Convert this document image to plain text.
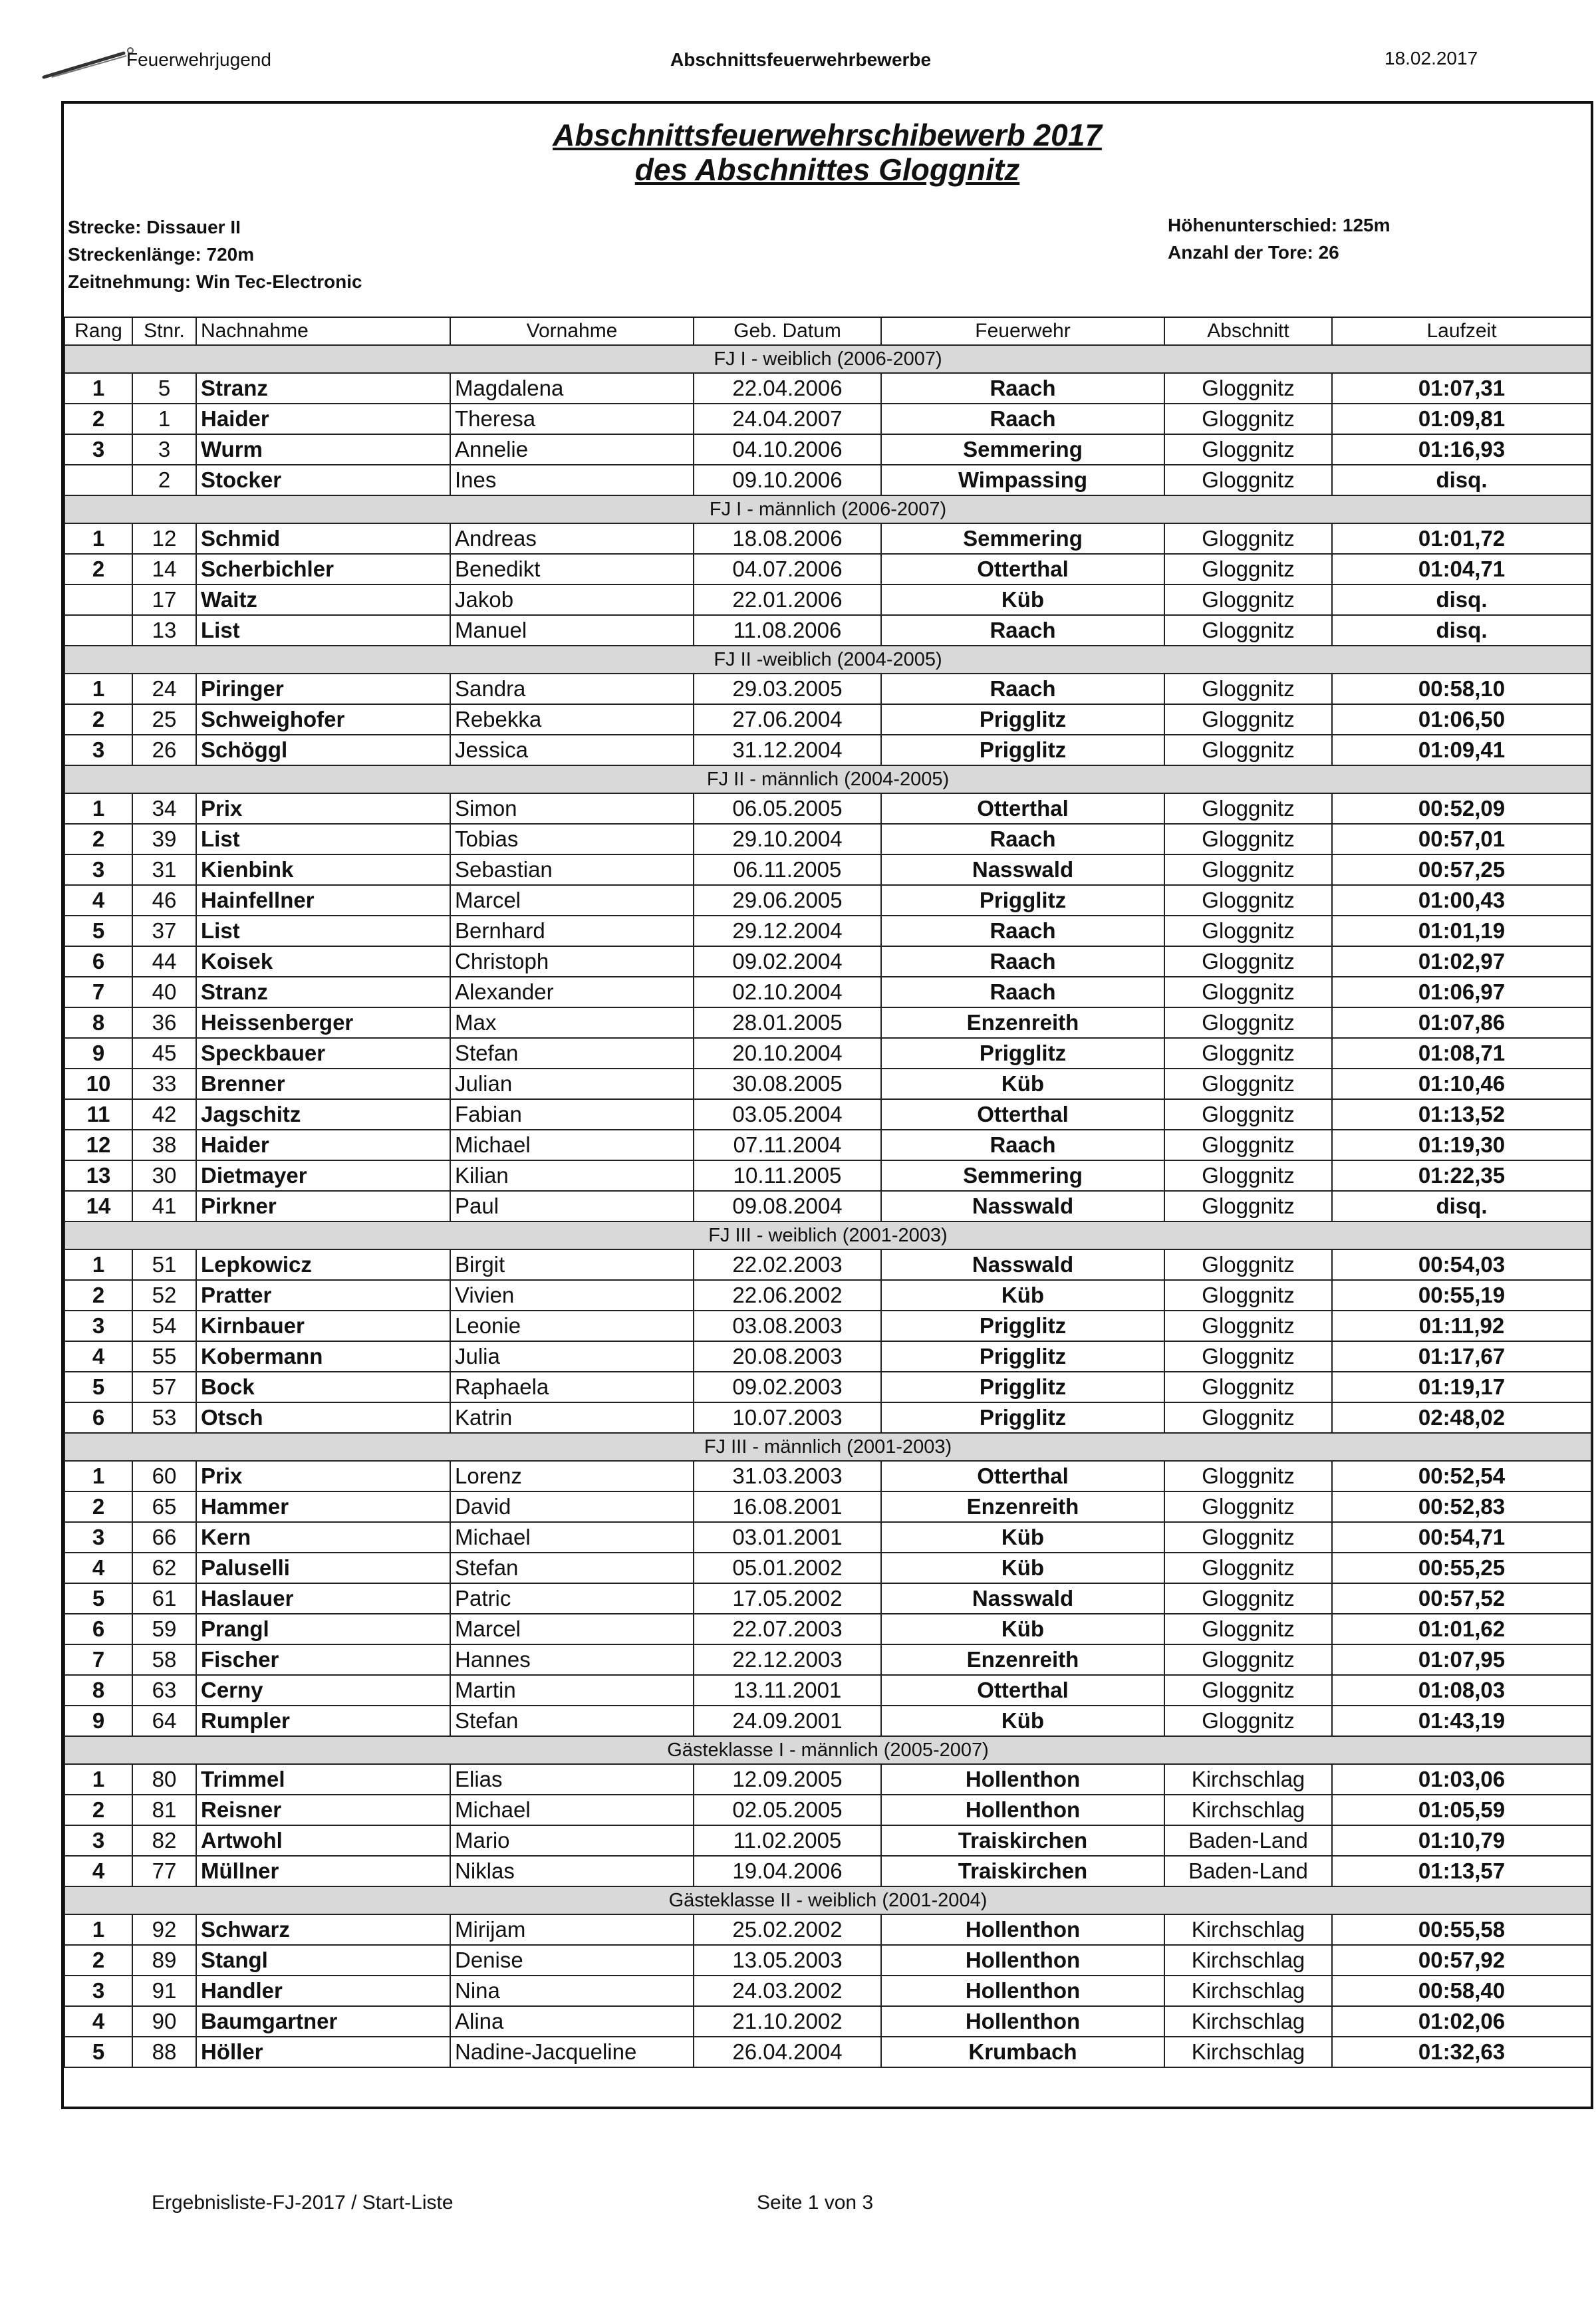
Feuerwehrjugend	Abschnittsfeuerwehrbewerbe	18.02.2017
Abschnittsfeuerwehrschibewerb 2017
des Abschnittes Gloggnitz
Strecke: Dissauer II
Streckenlänge: 720m
Zeitnehmung: Win Tec-Electronic
Höhenunterschied: 125m
Anzahl der Tore: 26
Rang	Stnr.	Nachnahme	Vornahme	Geb. Datum	Feuerwehr	Abschnitt	Laufzeit
FJ I - weiblich (2006-2007)							
1	5	Stranz	Magdalena	22.04.2006	Raach	Gloggnitz	01:07,31
2	1	Haider	Theresa	24.04.2007	Raach	Gloggnitz	01:09,81
3	3	Wurm	Annelie	04.10.2006	Semmering	Gloggnitz	01:16,93
	2	Stocker	Ines	09.10.2006	Wimpassing	Gloggnitz	disq.
FJ I - männlich (2006-2007)							
1	12	Schmid	Andreas	18.08.2006	Semmering	Gloggnitz	01:01,72
2	14	Scherbichler	Benedikt	04.07.2006	Otterthal	Gloggnitz	01:04,71
	17	Waitz	Jakob	22.01.2006	Küb	Gloggnitz	disq.
	13	List	Manuel	11.08.2006	Raach	Gloggnitz	disq.
FJ II -weiblich (2004-2005)							
1	24	Piringer	Sandra	29.03.2005	Raach	Gloggnitz	00:58,10
2	25	Schweighofer	Rebekka	27.06.2004	Prigglitz	Gloggnitz	01:06,50
3	26	Schöggl	Jessica	31.12.2004	Prigglitz	Gloggnitz	01:09,41
FJ II - männlich (2004-2005)							
1	34	Prix	Simon	06.05.2005	Otterthal	Gloggnitz	00:52,09
2	39	List	Tobias	29.10.2004	Raach	Gloggnitz	00:57,01
3	31	Kienbink	Sebastian	06.11.2005	Nasswald	Gloggnitz	00:57,25
4	46	Hainfellner	Marcel	29.06.2005	Prigglitz	Gloggnitz	01:00,43
5	37	List	Bernhard	29.12.2004	Raach	Gloggnitz	01:01,19
6	44	Koisek	Christoph	09.02.2004	Raach	Gloggnitz	01:02,97
7	40	Stranz	Alexander	02.10.2004	Raach	Gloggnitz	01:06,97
8	36	Heissenberger	Max	28.01.2005	Enzenreith	Gloggnitz	01:07,86
9	45	Speckbauer	Stefan	20.10.2004	Prigglitz	Gloggnitz	01:08,71
10	33	Brenner	Julian	30.08.2005	Küb	Gloggnitz	01:10,46
11	42	Jagschitz	Fabian	03.05.2004	Otterthal	Gloggnitz	01:13,52
12	38	Haider	Michael	07.11.2004	Raach	Gloggnitz	01:19,30
13	30	Dietmayer	Kilian	10.11.2005	Semmering	Gloggnitz	01:22,35
14	41	Pirkner	Paul	09.08.2004	Nasswald	Gloggnitz	disq.
FJ III - weiblich (2001-2003)							
1	51	Lepkowicz	Birgit	22.02.2003	Nasswald	Gloggnitz	00:54,03
2	52	Pratter	Vivien	22.06.2002	Küb	Gloggnitz	00:55,19
3	54	Kirnbauer	Leonie	03.08.2003	Prigglitz	Gloggnitz	01:11,92
4	55	Kobermann	Julia	20.08.2003	Prigglitz	Gloggnitz	01:17,67
5	57	Bock	Raphaela	09.02.2003	Prigglitz	Gloggnitz	01:19,17
6	53	Otsch	Katrin	10.07.2003	Prigglitz	Gloggnitz	02:48,02
FJ III - männlich (2001-2003)							
1	60	Prix	Lorenz	31.03.2003	Otterthal	Gloggnitz	00:52,54
2	65	Hammer	David	16.08.2001	Enzenreith	Gloggnitz	00:52,83
3	66	Kern	Michael	03.01.2001	Küb	Gloggnitz	00:54,71
4	62	Paluselli	Stefan	05.01.2002	Küb	Gloggnitz	00:55,25
5	61	Haslauer	Patric	17.05.2002	Nasswald	Gloggnitz	00:57,52
6	59	Prangl	Marcel	22.07.2003	Küb	Gloggnitz	01:01,62
7	58	Fischer	Hannes	22.12.2003	Enzenreith	Gloggnitz	01:07,95
8	63	Cerny	Martin	13.11.2001	Otterthal	Gloggnitz	01:08,03
9	64	Rumpler	Stefan	24.09.2001	Küb	Gloggnitz	01:43,19
Gästeklasse I - männlich (2005-2007)							
1	80	Trimmel	Elias	12.09.2005	Hollenthon	Kirchschlag	01:03,06
2	81	Reisner	Michael	02.05.2005	Hollenthon	Kirchschlag	01:05,59
3	82	Artwohl	Mario	11.02.2005	Traiskirchen	Baden-Land	01:10,79
4	77	Müllner	Niklas	19.04.2006	Traiskirchen	Baden-Land	01:13,57
Gästeklasse II - weiblich (2001-2004)							
1	92	Schwarz	Mirijam	25.02.2002	Hollenthon	Kirchschlag	00:55,58
2	89	Stangl	Denise	13.05.2003	Hollenthon	Kirchschlag	00:57,92
3	91	Handler	Nina	24.03.2002	Hollenthon	Kirchschlag	00:58,40
4	90	Baumgartner	Alina	21.10.2002	Hollenthon	Kirchschlag	01:02,06
5	88	Höller	Nadine-Jacqueline	26.04.2004	Krumbach	Kirchschlag	01:32,63
Ergebnisliste-FJ-2017 / Start-Liste	Seite 1 von 3
